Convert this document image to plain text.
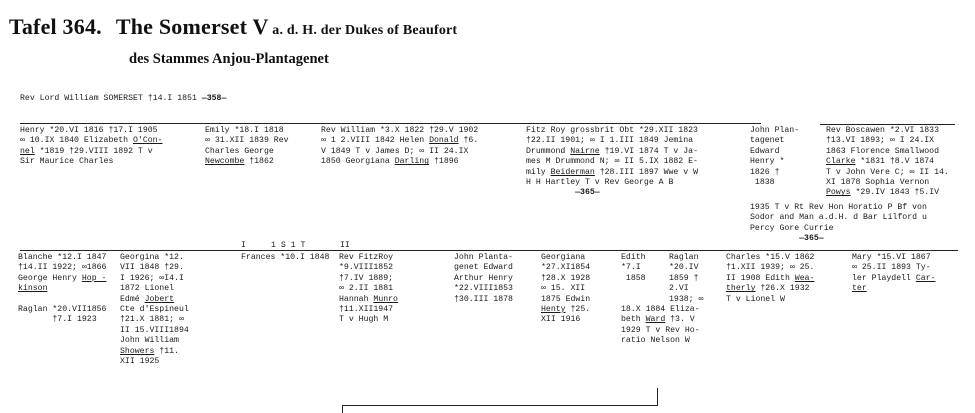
Tafel 364. The Somerset V a. d. H. der Dukes of Beaufort
des Stammes Anjou-Plantagenet
Rev Lord William SOMERSET †14.I 1851 —358—
Henry *20.VI 1816 †17.I 1905
∞ 10.IX 1840 Elizabeth O'Con-
nel *1819 †29.VIII 1892 T v
Sir Maurice Charles
Emily *18.I 1818
∞ 31.XII 1839 Rev
Charles George
Newcombe †1862
Rev William *3.X 1822 †29.V 1902
∞ 1 2.VIII 1842 Helen Donald †6.
V 1849 T v James D; ∞ II 24.IX
1850 Georgiana Darling †1896
Fitz Roy grossbrit Obt *29.XII 1823
†22.II 1901; ∞ I 1.III 1849 Jemina
Drummond Nairne †19.VI 1874 T v Ja-
mes M Drummond N; ∞ II 5.IX 1882 E-
mily Beiderman †28.III 1897 Wwe v W
H H Hartley T v Rev George A B
—365—
John Plan-
tagenet
Edward
Henry *
1826 †
1838
Rev Boscawen *2.VI 1833
†13.VI 1893; ∞ I 24.IX
1863 Florence Smallwood
Clarke *1831 †8.V 1874
T v John Vere C; ∞ II 14.
XI 1878 Sophia Vernon
Powys *29.IV 1843 †5.IV
1935 T v Rt Rev Hon Horatio P Bf von
Sodor and Man a.d.H. d Bar Lilford u
Percy Gore Currie
—365—
I	1 S 1 T	II
Blanche *12.I 1847
†14.II 1922; ∞1866
George Henry Hop -
kinson

Raglan *20.VII1856
†7.I 1923
Georgina *12.
VII 1848 †29.
I 1926; ∞I4.I
1872 Lionel
Edmé Jobert
Cte d'Espineul
†21.X 1881; ∞
II 15.VIII1894
John William
Showers †11.
XII 1925
Frances *10.I 1848 Rev FitzRoy
*9.VIII1852
†7.IV 1889;
∞ 2.II 1881
Hannah Munro
†11.XII1947
T v Hugh M
John Planta-
genet Edward
Arthur Henry
*22.VIII1853
†30.III 1878
Georgiana
*27.XI1854
†28.X 1928
∞ 15. XII
1875 Edwin
Henty †25.
XII 1916
Edith
*7.I
1858

18.X 1884 Eliza-
beth Ward †3. V
1929 T v Rev Ho-
ratio Nelson W
Raglan
*20.IV
1859 †
2.VI
1938; ∞
Charles *15.V 1862
†1.XII 1939; ∞ 25.
II 1908 Edith Wea-
therly †26.X 1932
T v Lionel W
Mary *15.VI 1867
∞ 25.II 1893 Ty-
ler Playdell Car-
ter
